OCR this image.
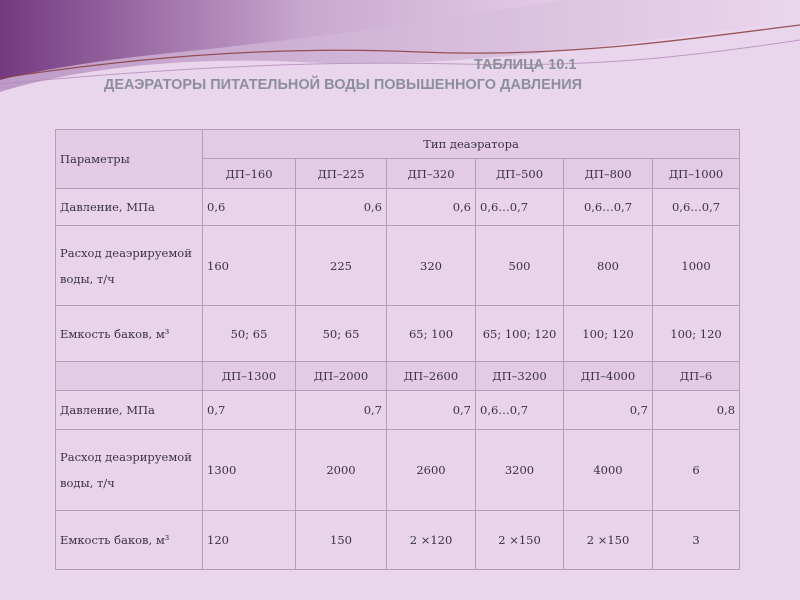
ТАБЛИЦА 10.1
ДЕАЭРАТОРЫ ПИТАТЕЛЬНОЙ ВОДЫ ПОВЫШЕННОГО ДАВЛЕНИЯ
Параметры	Тип деаэратора					
	ДП–160	ДП–225	ДП–320	ДП–500	ДП–800	ДП–1000
Давление, МПа	0,6	0,6	0,6	0,6…0,7	0,6…0,7	0,6…0,7
Расход деаэрируемой воды, т/ч	160	225	320	500	800	1000
Емкость баков, м³	50; 65	50; 65	65; 100	65; 100; 120	100; 120	100; 120
	ДП–1300	ДП–2000	ДП–2600	ДП–3200	ДП–4000	ДП–6
Давление, МПа	0,7	0,7	0,7	0,6…0,7	0,7	0,8
Расход деаэрируемой воды, т/ч	1300	2000	2600	3200	4000	6
Емкость баков, м³	120	150	2 ×120	2 ×150	2 ×150	3
